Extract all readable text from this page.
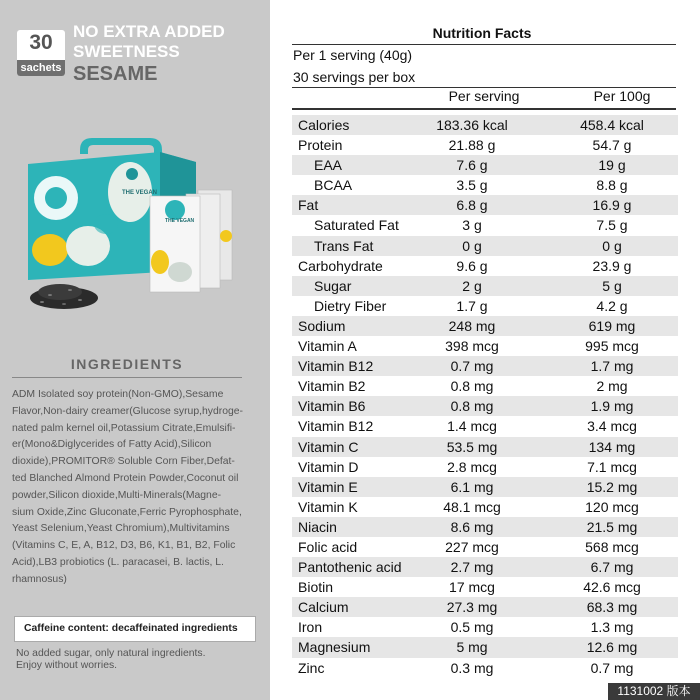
30
sachets
NO EXTRA ADDED
SWEETNESS
SESAME
THE VEGAN
THE VEGAN
INGREDIENTS
ADM Isolated soy protein(Non-GMO),Sesame
Flavor,Non-dairy creamer(Glucose syrup,hydroge-
nated palm kernel oil,Potassium Citrate,Emulsifi-
er(Mono&Diglycerides of Fatty Acid),Silicon
dioxide),PROMITOR® Soluble Corn Fiber,Defat-
ted Blanched Almond Protein Powder,Coconut oil
powder,Silicon dioxide,Multi-Minerals(Magne-
sium Oxide,Zinc Gluconate,Ferric Pyrophosphate,
Yeast Selenium,Yeast Chromium),Multivitamins
(Vitamins C, E, A, B12, D3, B6, K1, B1, B2, Folic
Acid),LB3 probiotics (L. paracasei, B. lactis, L.
rhamnosus)
Caffeine content: decaffeinated ingredients
No added sugar, only natural ingredients.
Enjoy without worries.
Nutrition Facts
Per 1 serving (40g)
30 servings per box
Per serving	Per 100g
Calories	183.36 kcal	458.4 kcal
Protein	21.88 g	54.7 g
EAA	7.6 g	19 g
BCAA	3.5 g	8.8 g
Fat	6.8 g	16.9 g
Saturated Fat	3 g	7.5 g
Trans Fat	0 g	0 g
Carbohydrate	9.6 g	23.9 g
Sugar	2 g	5 g
Dietry Fiber	1.7 g	4.2 g
Sodium	248 mg	619 mg
Vitamin A	398 mcg	995 mcg
Vitamin B12	0.7 mg	1.7 mg
Vitamin B2	0.8 mg	2 mg
Vitamin B6	0.8 mg	1.9 mg
Vitamin B12	1.4 mcg	3.4 mcg
Vitamin C	53.5 mg	134 mg
Vitamin D	2.8 mcg	7.1 mcg
Vitamin E	6.1 mg	15.2 mg
Vitamin K	48.1 mcg	120 mcg
Niacin	8.6 mg	21.5 mg
Folic acid	227 mcg	568 mcg
Pantothenic acid	2.7 mg	6.7 mg
Biotin	17 mcg	42.6 mcg
Calcium	27.3 mg	68.3 mg
Iron	0.5 mg	1.3 mg
Magnesium	5 mg	12.6 mg
Zinc	0.3 mg	0.7 mg
1131002 版本
